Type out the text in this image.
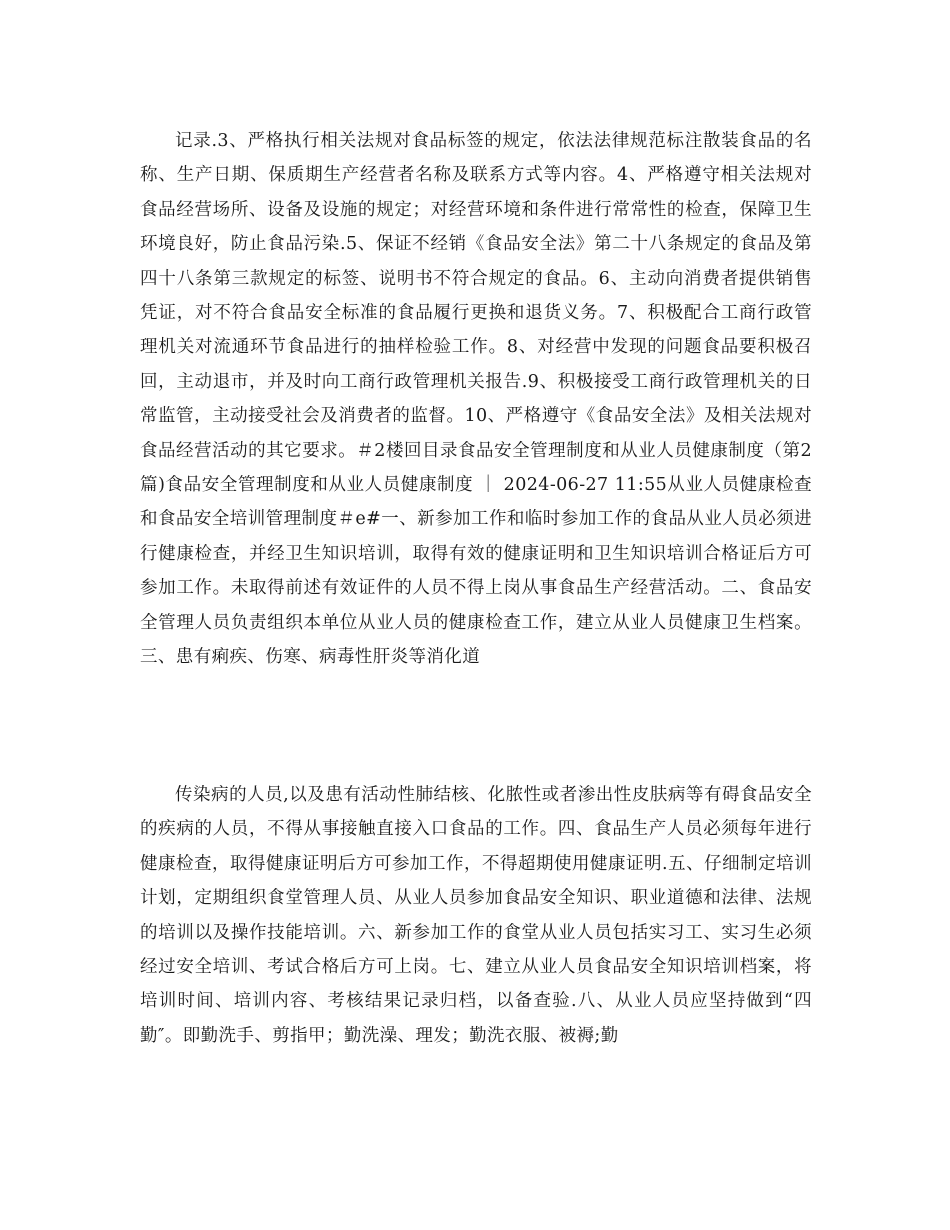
记录.3、严格执行相关法规对食品标签的规定，依法法律规范标注散装食品的名称、生产日期、保质期生产经营者名称及联系方式等内容。4、严格遵守相关法规对食品经营场所、设备及设施的规定；对经营环境和条件进行常常性的检查，保障卫生环境良好，防止食品污染.5、保证不经销《食品安全法》第二十八条规定的食品及第四十八条第三款规定的标签、说明书不符合规定的食品。6、主动向消费者提供销售凭证，对不符合食品安全标准的食品履行更换和退货义务。7、积极配合工商行政管理机关对流通环节食品进行的抽样检验工作。8、对经营中发现的问题食品要积极召回，主动退市，并及时向工商行政管理机关报告.9、积极接受工商行政管理机关的日常监管，主动接受社会及消费者的监督。10、严格遵守《食品安全法》及相关法规对食品经营活动的其它要求。＃2楼回目录食品安全管理制度和从业人员健康制度（第2篇)食品安全管理制度和从业人员健康制度 ｜ 2024-06-27 11:55从业人员健康检查和食品安全培训管理制度＃e#一、新参加工作和临时参加工作的食品从业人员必须进行健康检查，并经卫生知识培训，取得有效的健康证明和卫生知识培训合格证后方可参加工作。未取得前述有效证件的人员不得上岗从事食品生产经营活动。二、食品安全管理人员负责组织本单位从业人员的健康检查工作，建立从业人员健康卫生档案。三、患有痢疾、伤寒、病毒性肝炎等消化道

传染病的人员,以及患有活动性肺结核、化脓性或者渗出性皮肤病等有碍食品安全的疾病的人员，不得从事接触直接入口食品的工作。四、食品生产人员必须每年进行健康检查，取得健康证明后方可参加工作，不得超期使用健康证明.五、仔细制定培训计划，定期组织食堂管理人员、从业人员参加食品安全知识、职业道德和法律、法规的培训以及操作技能培训。六、新参加工作的食堂从业人员包括实习工、实习生必须经过安全培训、考试合格后方可上岗。七、建立从业人员食品安全知识培训档案，将培训时间、培训内容、考核结果记录归档，以备查验.八、从业人员应坚持做到“四勤″。即勤洗手、剪指甲；勤洗澡、理发；勤洗衣服、被褥;勤
